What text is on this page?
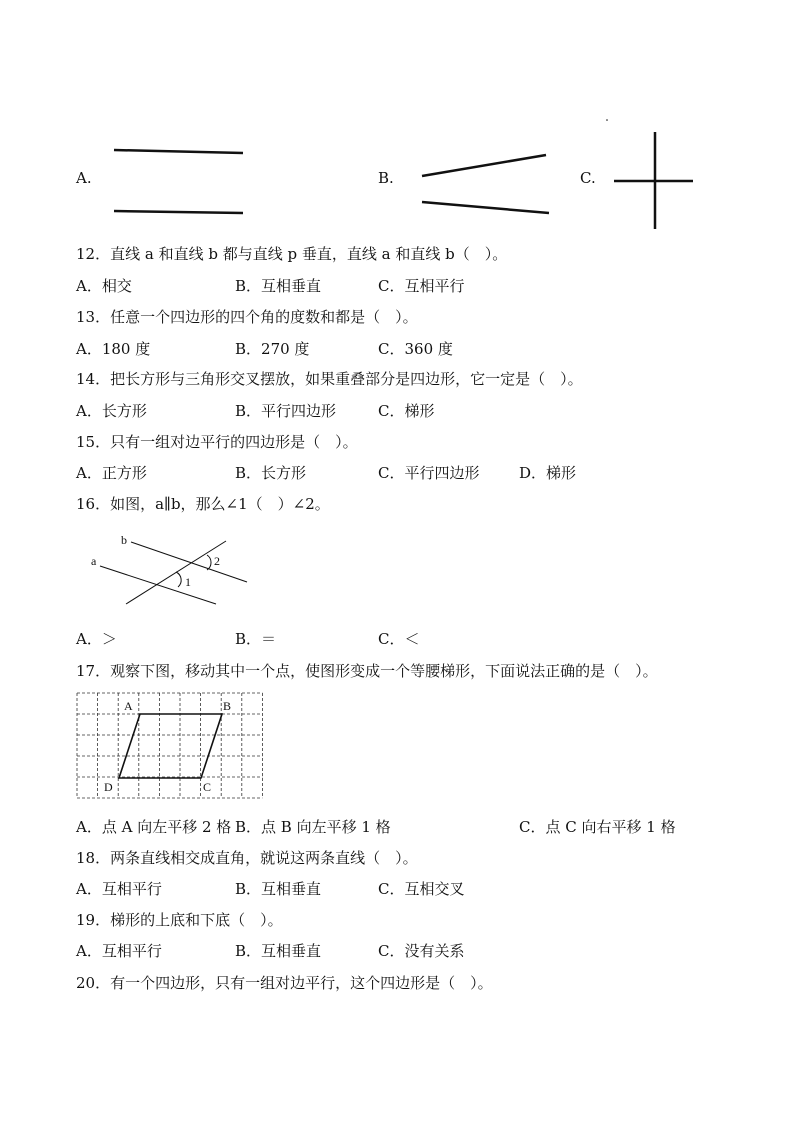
A.	B.	C.
12．直线 a 和直线 b 都与直线 p 垂直，直线 a 和直线 b（　）。
A．相交	B．互相垂直	C．互相平行
13．任意一个四边形的四个角的度数和都是（　）。
A．180 度	B．270 度	C．360 度
14．把长方形与三角形交叉摆放，如果重叠部分是四边形，它一定是（　）。
A．长方形	B．平行四边形	C．梯形
15．只有一组对边平行的四边形是（　）。
A．正方形	B．长方形	C．平行四边形	D．梯形
16．如图，a∥b，那么∠1（　）∠2。
b
a	2
1
A．＞	B．＝	C．＜
17．观察下图，移动其中一个点，使图形变成一个等腰梯形，下面说法正确的是（　）。
A	B
C
D
A．点 A 向左平移 2 格 B．点 B 向左平移 1 格	C．点 C 向右平移 1 格
18．两条直线相交成直角，就说这两条直线（　）。
A．互相平行	B．互相垂直	C．互相交叉
19．梯形的上底和下底（　）。
A．互相平行	B．互相垂直	C．没有关系
20．有一个四边形，只有一组对边平行，这个四边形是（　）。
